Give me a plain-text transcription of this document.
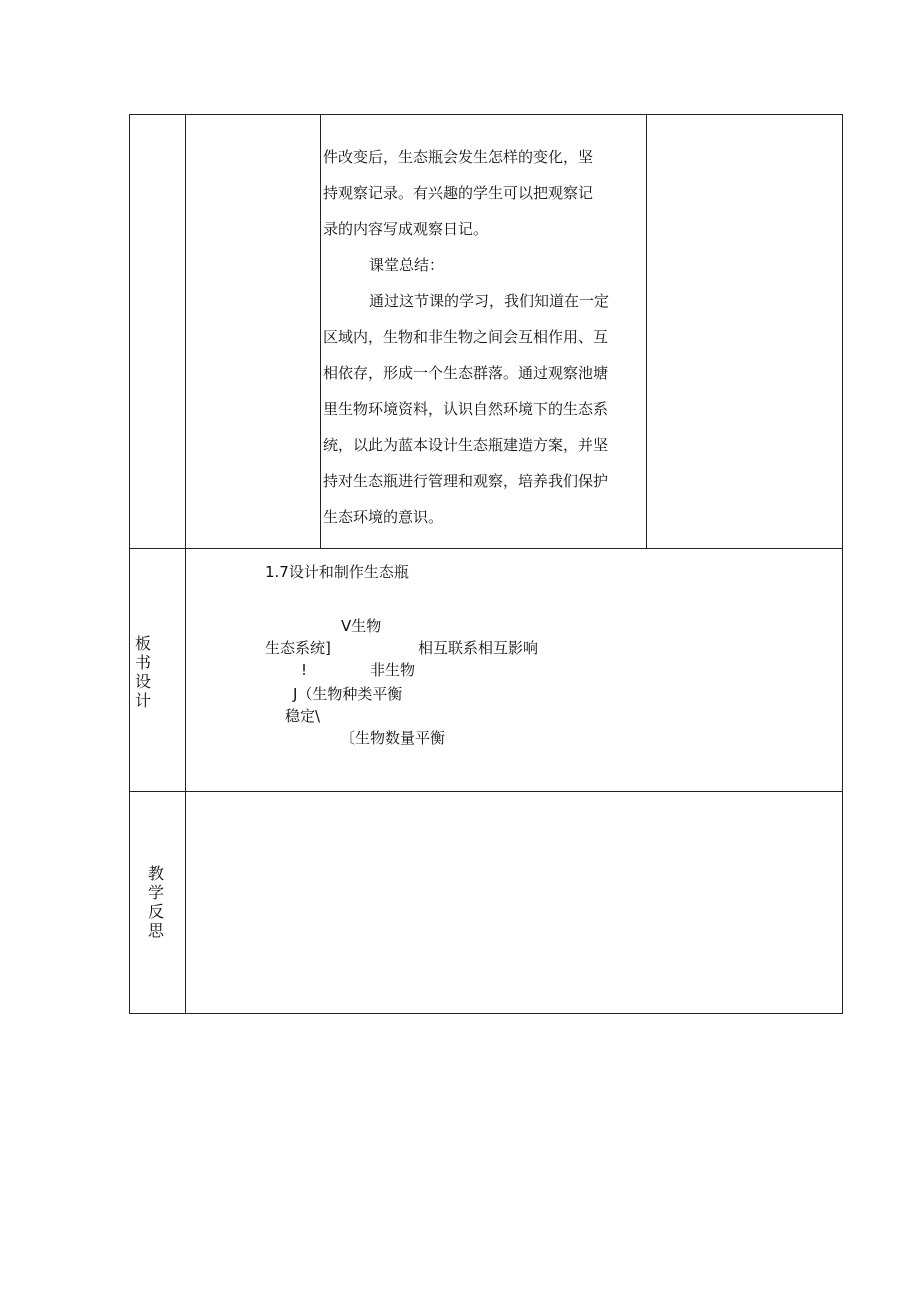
件改变后，生态瓶会发生怎样的变化，坚
持观察记录。有兴趣的学生可以把观察记
录的内容写成观察日记。
课堂总结：
通过这节课的学习，我们知道在一定
区域内，生物和非生物之间会互相作用、互
相依存，形成一个生态群落。通过观察池塘
里生物环境资料，认识自然环境下的生态系
统，以此为蓝本设计生态瓶建造方案，并坚
持对生态瓶进行管理和观察，培养我们保护
生态环境的意识。
板
书
设
计
1.7设计和制作生态瓶
V生物
生态系统]	相互联系相互影响
!	非生物
J（生物种类平衡
稳定\
〔生物数量平衡
教
学
反
思
